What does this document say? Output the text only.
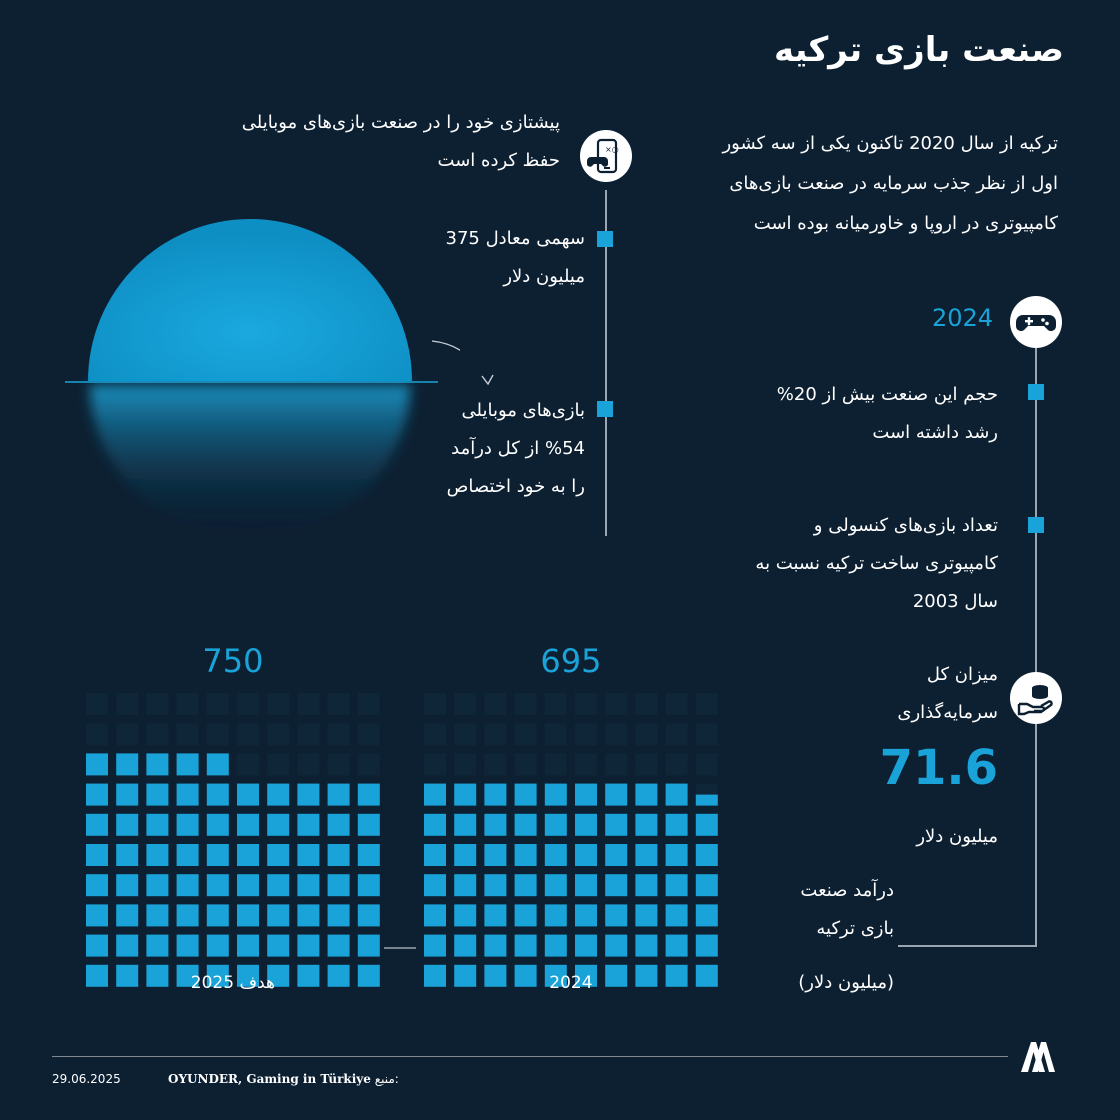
صنعت بازی ترکیه
ترکیه از سال 2020 تاکنون یکی از سه کشور اول از نظر جذب سرمایه در صنعت بازی‌های کامپیوتری در اروپا و خاورمیانه بوده است
پیشتازی خود را در صنعت بازی‌های موبایلی حفظ کرده است
×○
سهمی معادل 375 میلیون دلار
بازی‌های موبایلی 54% از کل درآمد را به خود اختصاص
2024
حجم این صنعت بیش از 20% رشد داشته است
تعداد بازی‌های کنسولی و کامپیوتری ساخت ترکیه نسبت به سال 2003
میزان کل سرمایه‌گذاری
71.6
میلیون دلار
درآمد صنعت بازی ترکیه
(میلیون دلار)
750
هدف 2025
695
2024
29.06.2025	OYUNDER, Gaming in Türkiye منبع:
